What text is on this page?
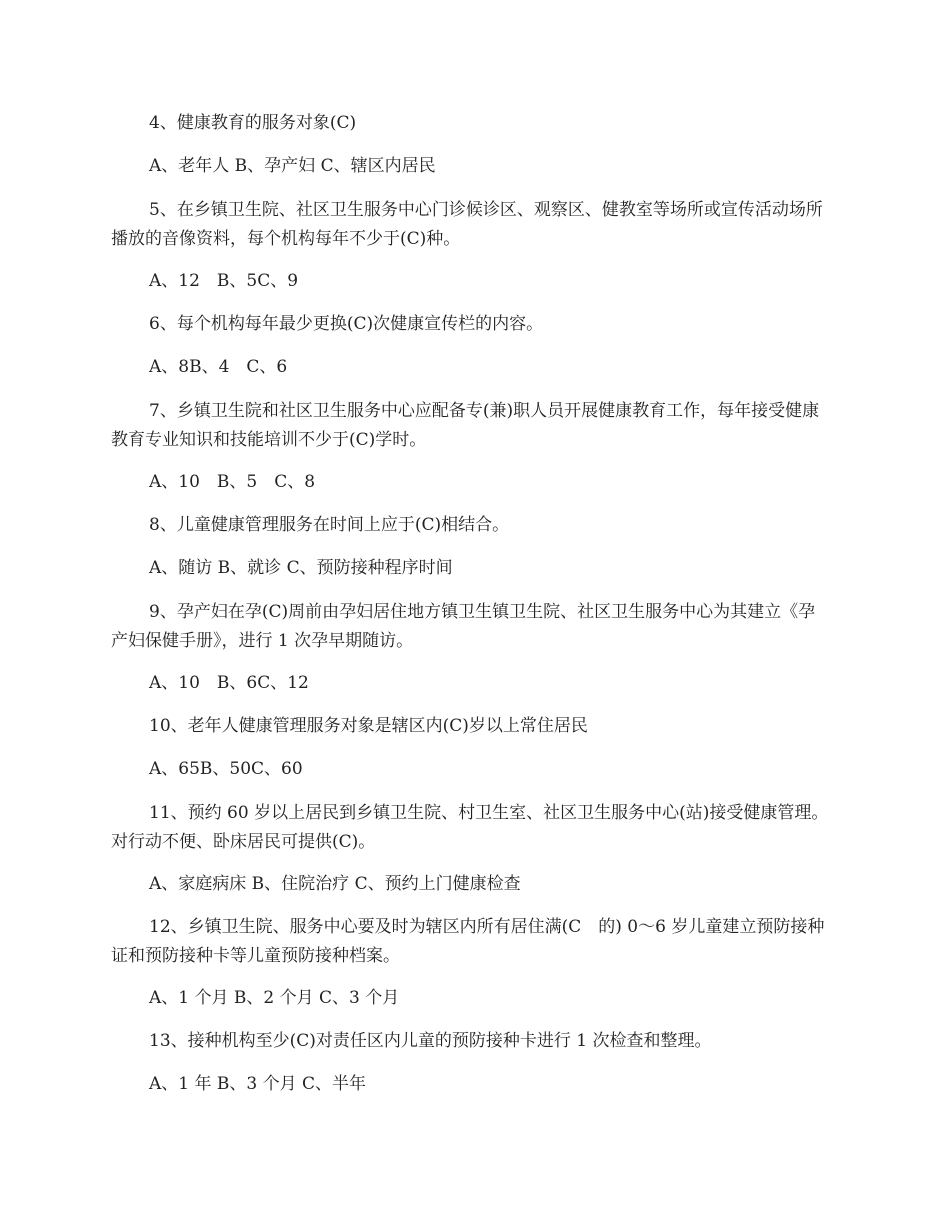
4、健康教育的服务对象(C)

A、老年人 B、孕产妇 C、辖区内居民

5、在乡镇卫生院、社区卫生服务中心门诊候诊区、观察区、健教室等场所或宣传活动场所播放的音像资料，每个机构每年不少于(C)种。

A、12　B、5C、9

6、每个机构每年最少更换(C)次健康宣传栏的内容。

A、8B、4　C、6

7、乡镇卫生院和社区卫生服务中心应配备专(兼)职人员开展健康教育工作，每年接受健康教育专业知识和技能培训不少于(C)学时。

A、10　B、5　C、8

8、儿童健康管理服务在时间上应于(C)相结合。

A、随访 B、就诊 C、预防接种程序时间

9、孕产妇在孕(C)周前由孕妇居住地方镇卫生镇卫生院、社区卫生服务中心为其建立《孕产妇保健手册》，进行 1 次孕早期随访。

A、10　B、6C、12

10、老年人健康管理服务对象是辖区内(C)岁以上常住居民

A、65B、50C、60

11、预约 60 岁以上居民到乡镇卫生院、村卫生室、社区卫生服务中心(站)接受健康管理。对行动不便、卧床居民可提供(C)。

A、家庭病床 B、住院治疗 C、预约上门健康检查

12、乡镇卫生院、服务中心要及时为辖区内所有居住满(C　的) 0～6 岁儿童建立预防接种证和预防接种卡等儿童预防接种档案。

A、1 个月 B、2 个月 C、3 个月

13、接种机构至少(C)对责任区内儿童的预防接种卡进行 1 次检查和整理。

A、1 年 B、3 个月 C、半年
